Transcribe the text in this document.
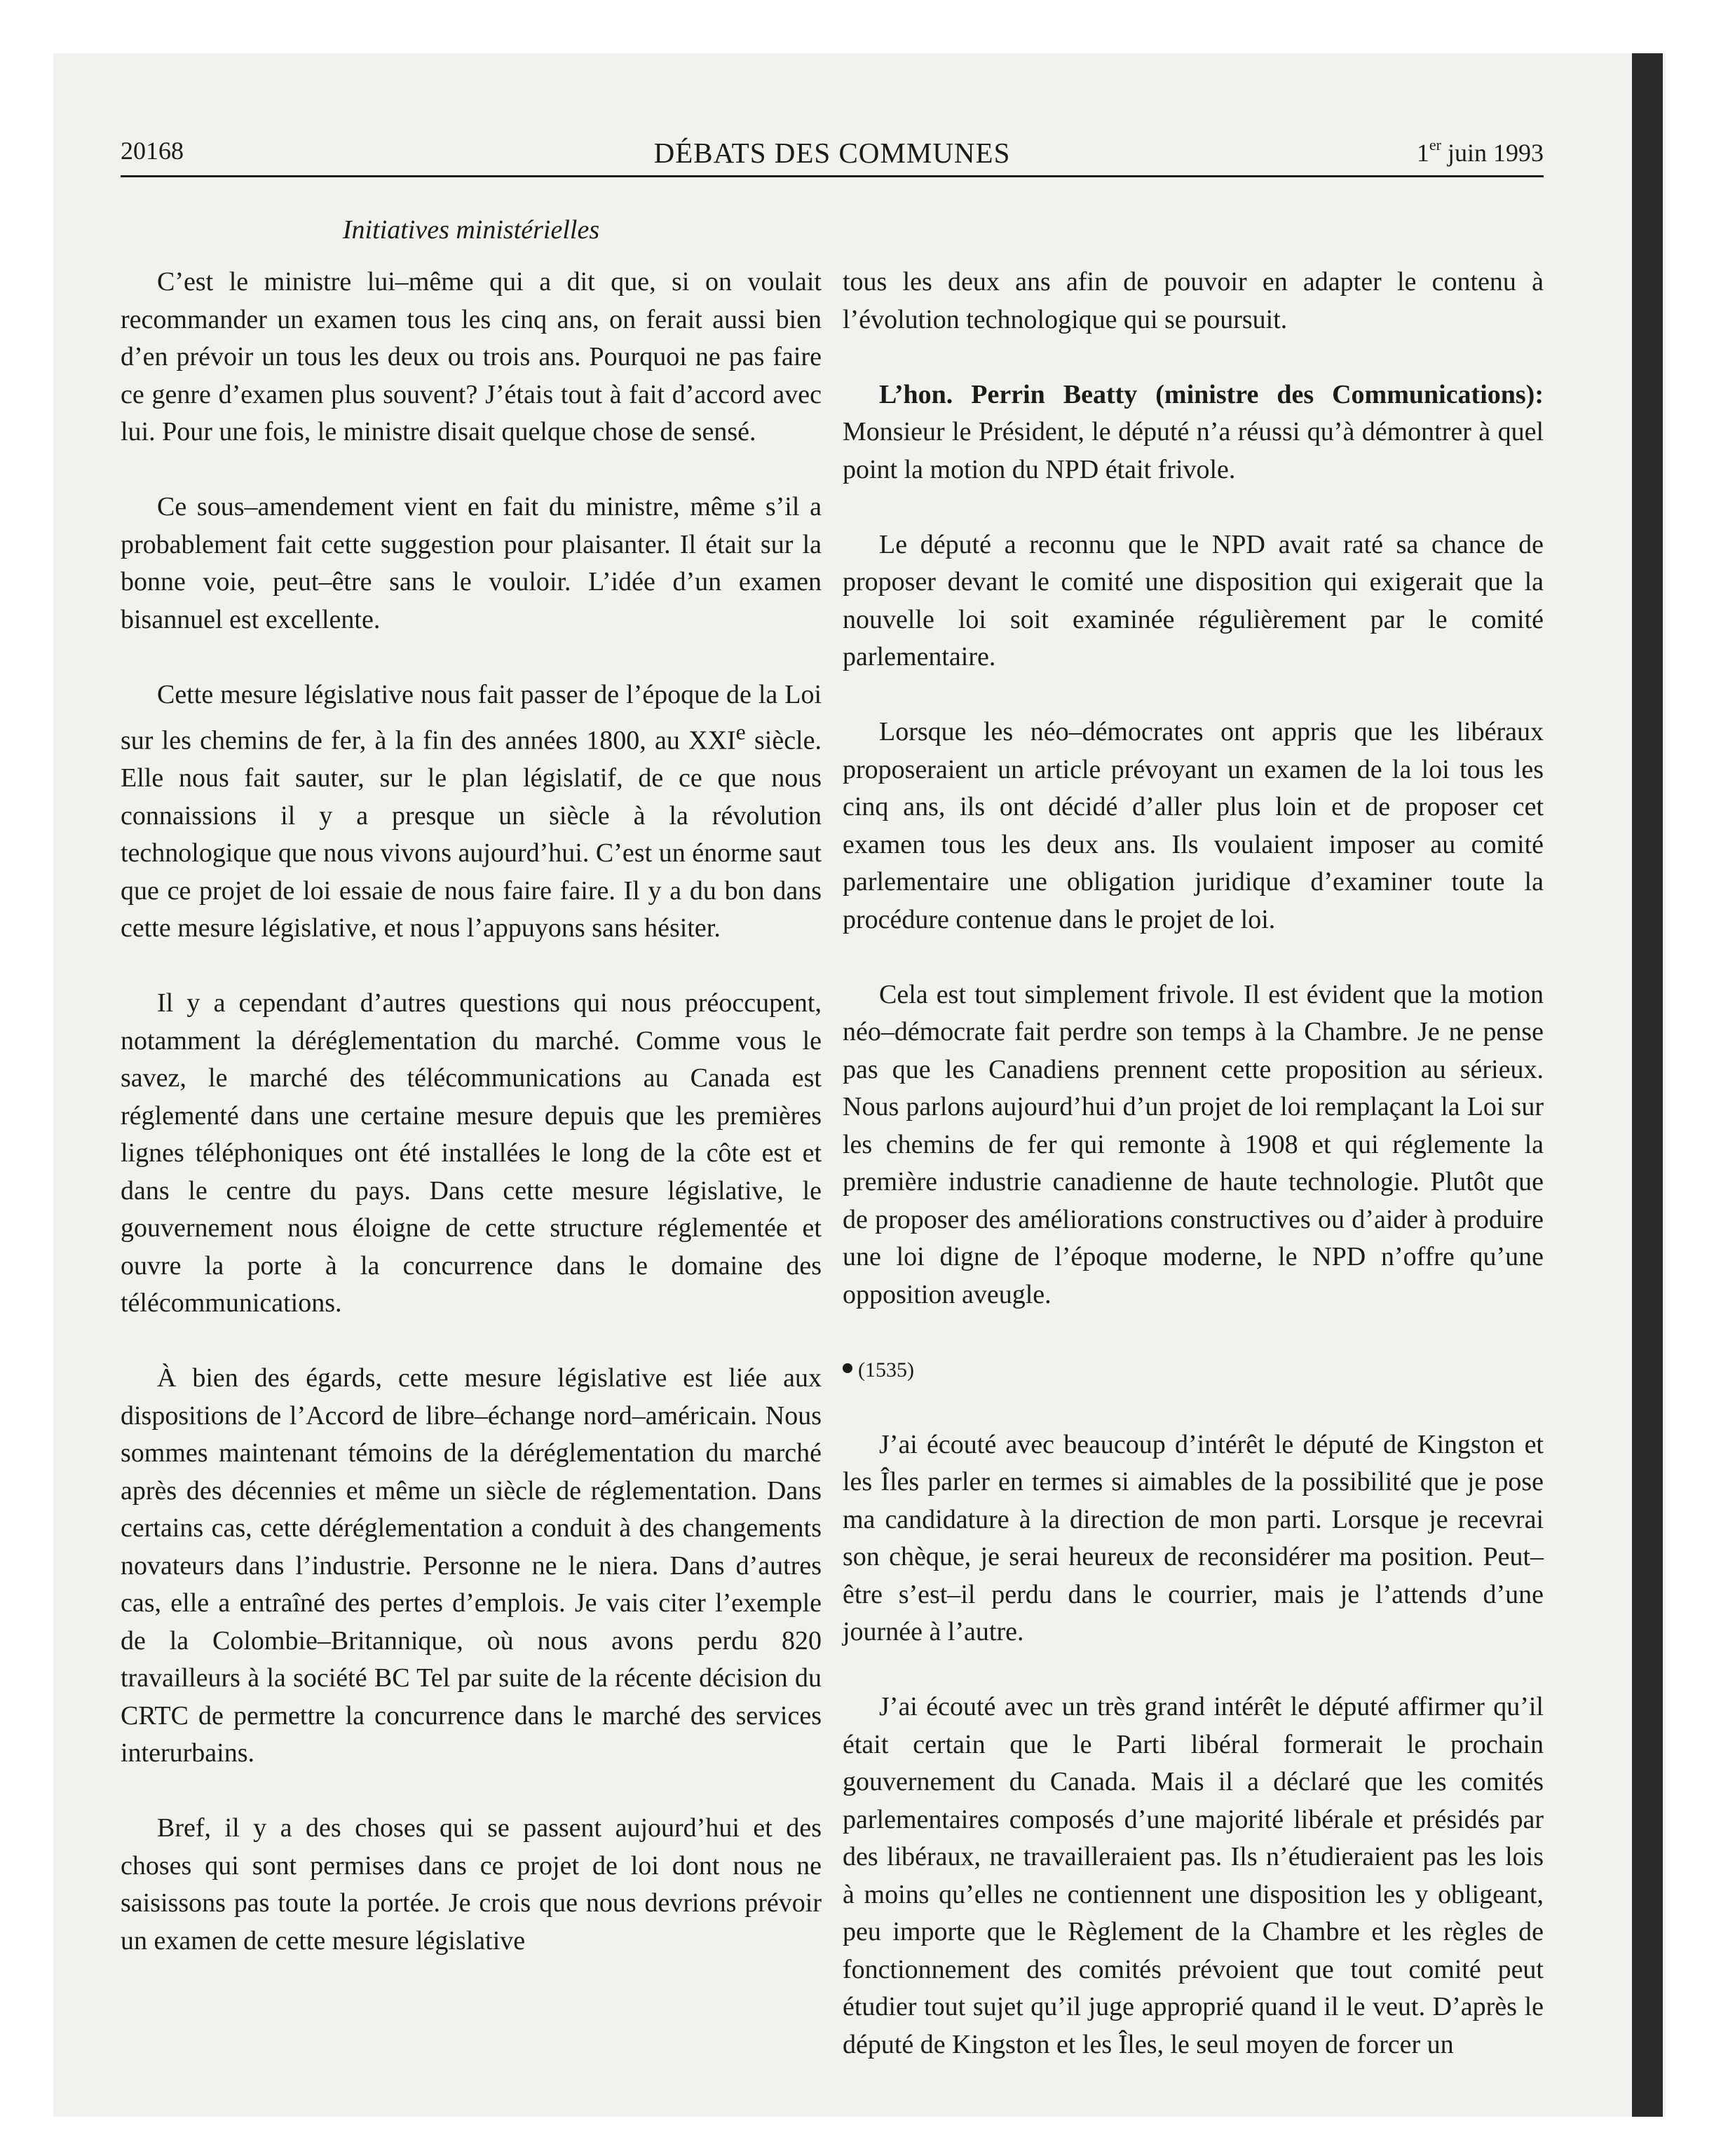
20168	DÉBATS DES COMMUNES	1er juin 1993
Initiatives ministérielles

C’est le ministre lui–même qui a dit que, si on voulait recommander un examen tous les cinq ans, on ferait aussi bien d’en prévoir un tous les deux ou trois ans. Pourquoi ne pas faire ce genre d’examen plus souvent? J’étais tout à fait d’accord avec lui. Pour une fois, le ministre disait quelque chose de sensé.

Ce sous–amendement vient en fait du ministre, même s’il a probablement fait cette suggestion pour plaisanter. Il était sur la bonne voie, peut–être sans le vouloir. L’idée d’un examen bisannuel est excellente.

Cette mesure législative nous fait passer de l’époque de la Loi sur les chemins de fer, à la fin des années 1800, au XXIe siècle. Elle nous fait sauter, sur le plan législatif, de ce que nous connaissions il y a presque un siècle à la révolution technologique que nous vivons aujourd’hui. C’est un énorme saut que ce projet de loi essaie de nous faire faire. Il y a du bon dans cette mesure législative, et nous l’appuyons sans hésiter.

Il y a cependant d’autres questions qui nous préoccupent, notamment la déréglementation du marché. Comme vous le savez, le marché des télécommunications au Canada est réglementé dans une certaine mesure depuis que les premières lignes téléphoniques ont été installées le long de la côte est et dans le centre du pays. Dans cette mesure législative, le gouvernement nous éloigne de cette structure réglementée et ouvre la porte à la concurrence dans le domaine des télécommunications.

À bien des égards, cette mesure législative est liée aux dispositions de l’Accord de libre–échange nord–américain. Nous sommes maintenant témoins de la déréglementation du marché après des décennies et même un siècle de réglementation. Dans certains cas, cette déréglementation a conduit à des changements novateurs dans l’industrie. Personne ne le niera. Dans d’autres cas, elle a entraîné des pertes d’emplois. Je vais citer l’exemple de la Colombie–Britannique, où nous avons perdu 820 travailleurs à la société BC Tel par suite de la récente décision du CRTC de permettre la concurrence dans le marché des services interurbains.

Bref, il y a des choses qui se passent aujourd’hui et des choses qui sont permises dans ce projet de loi dont nous ne saisissons pas toute la portée. Je crois que nous devrions prévoir un examen de cette mesure législative

tous les deux ans afin de pouvoir en adapter le contenu à l’évolution technologique qui se poursuit.

L’hon. Perrin Beatty (ministre des Communications): Monsieur le Président, le député n’a réussi qu’à démontrer à quel point la motion du NPD était frivole.

Le député a reconnu que le NPD avait raté sa chance de proposer devant le comité une disposition qui exigerait que la nouvelle loi soit examinée régulièrement par le comité parlementaire.

Lorsque les néo–démocrates ont appris que les libéraux proposeraient un article prévoyant un examen de la loi tous les cinq ans, ils ont décidé d’aller plus loin et de proposer cet examen tous les deux ans. Ils voulaient imposer au comité parlementaire une obligation juridique d’examiner toute la procédure contenue dans le projet de loi.

Cela est tout simplement frivole. Il est évident que la motion néo–démocrate fait perdre son temps à la Chambre. Je ne pense pas que les Canadiens prennent cette proposition au sérieux. Nous parlons aujourd’hui d’un projet de loi remplaçant la Loi sur les chemins de fer qui remonte à 1908 et qui réglemente la première industrie canadienne de haute technologie. Plutôt que de proposer des améliorations constructives ou d’aider à produire une loi digne de l’époque moderne, le NPD n’offre qu’une opposition aveugle.

(1535)

J’ai écouté avec beaucoup d’intérêt le député de Kingston et les Îles parler en termes si aimables de la possibilité que je pose ma candidature à la direction de mon parti. Lorsque je recevrai son chèque, je serai heureux de reconsidérer ma position. Peut–être s’est–il perdu dans le courrier, mais je l’attends d’une journée à l’autre.

J’ai écouté avec un très grand intérêt le député affirmer qu’il était certain que le Parti libéral formerait le prochain gouvernement du Canada. Mais il a déclaré que les comités parlementaires composés d’une majorité libérale et présidés par des libéraux, ne travailleraient pas. Ils n’étudieraient pas les lois à moins qu’elles ne contiennent une disposition les y obligeant, peu importe que le Règlement de la Chambre et les règles de fonctionnement des comités prévoient que tout comité peut étudier tout sujet qu’il juge approprié quand il le veut. D’après le député de Kingston et les Îles, le seul moyen de forcer un
